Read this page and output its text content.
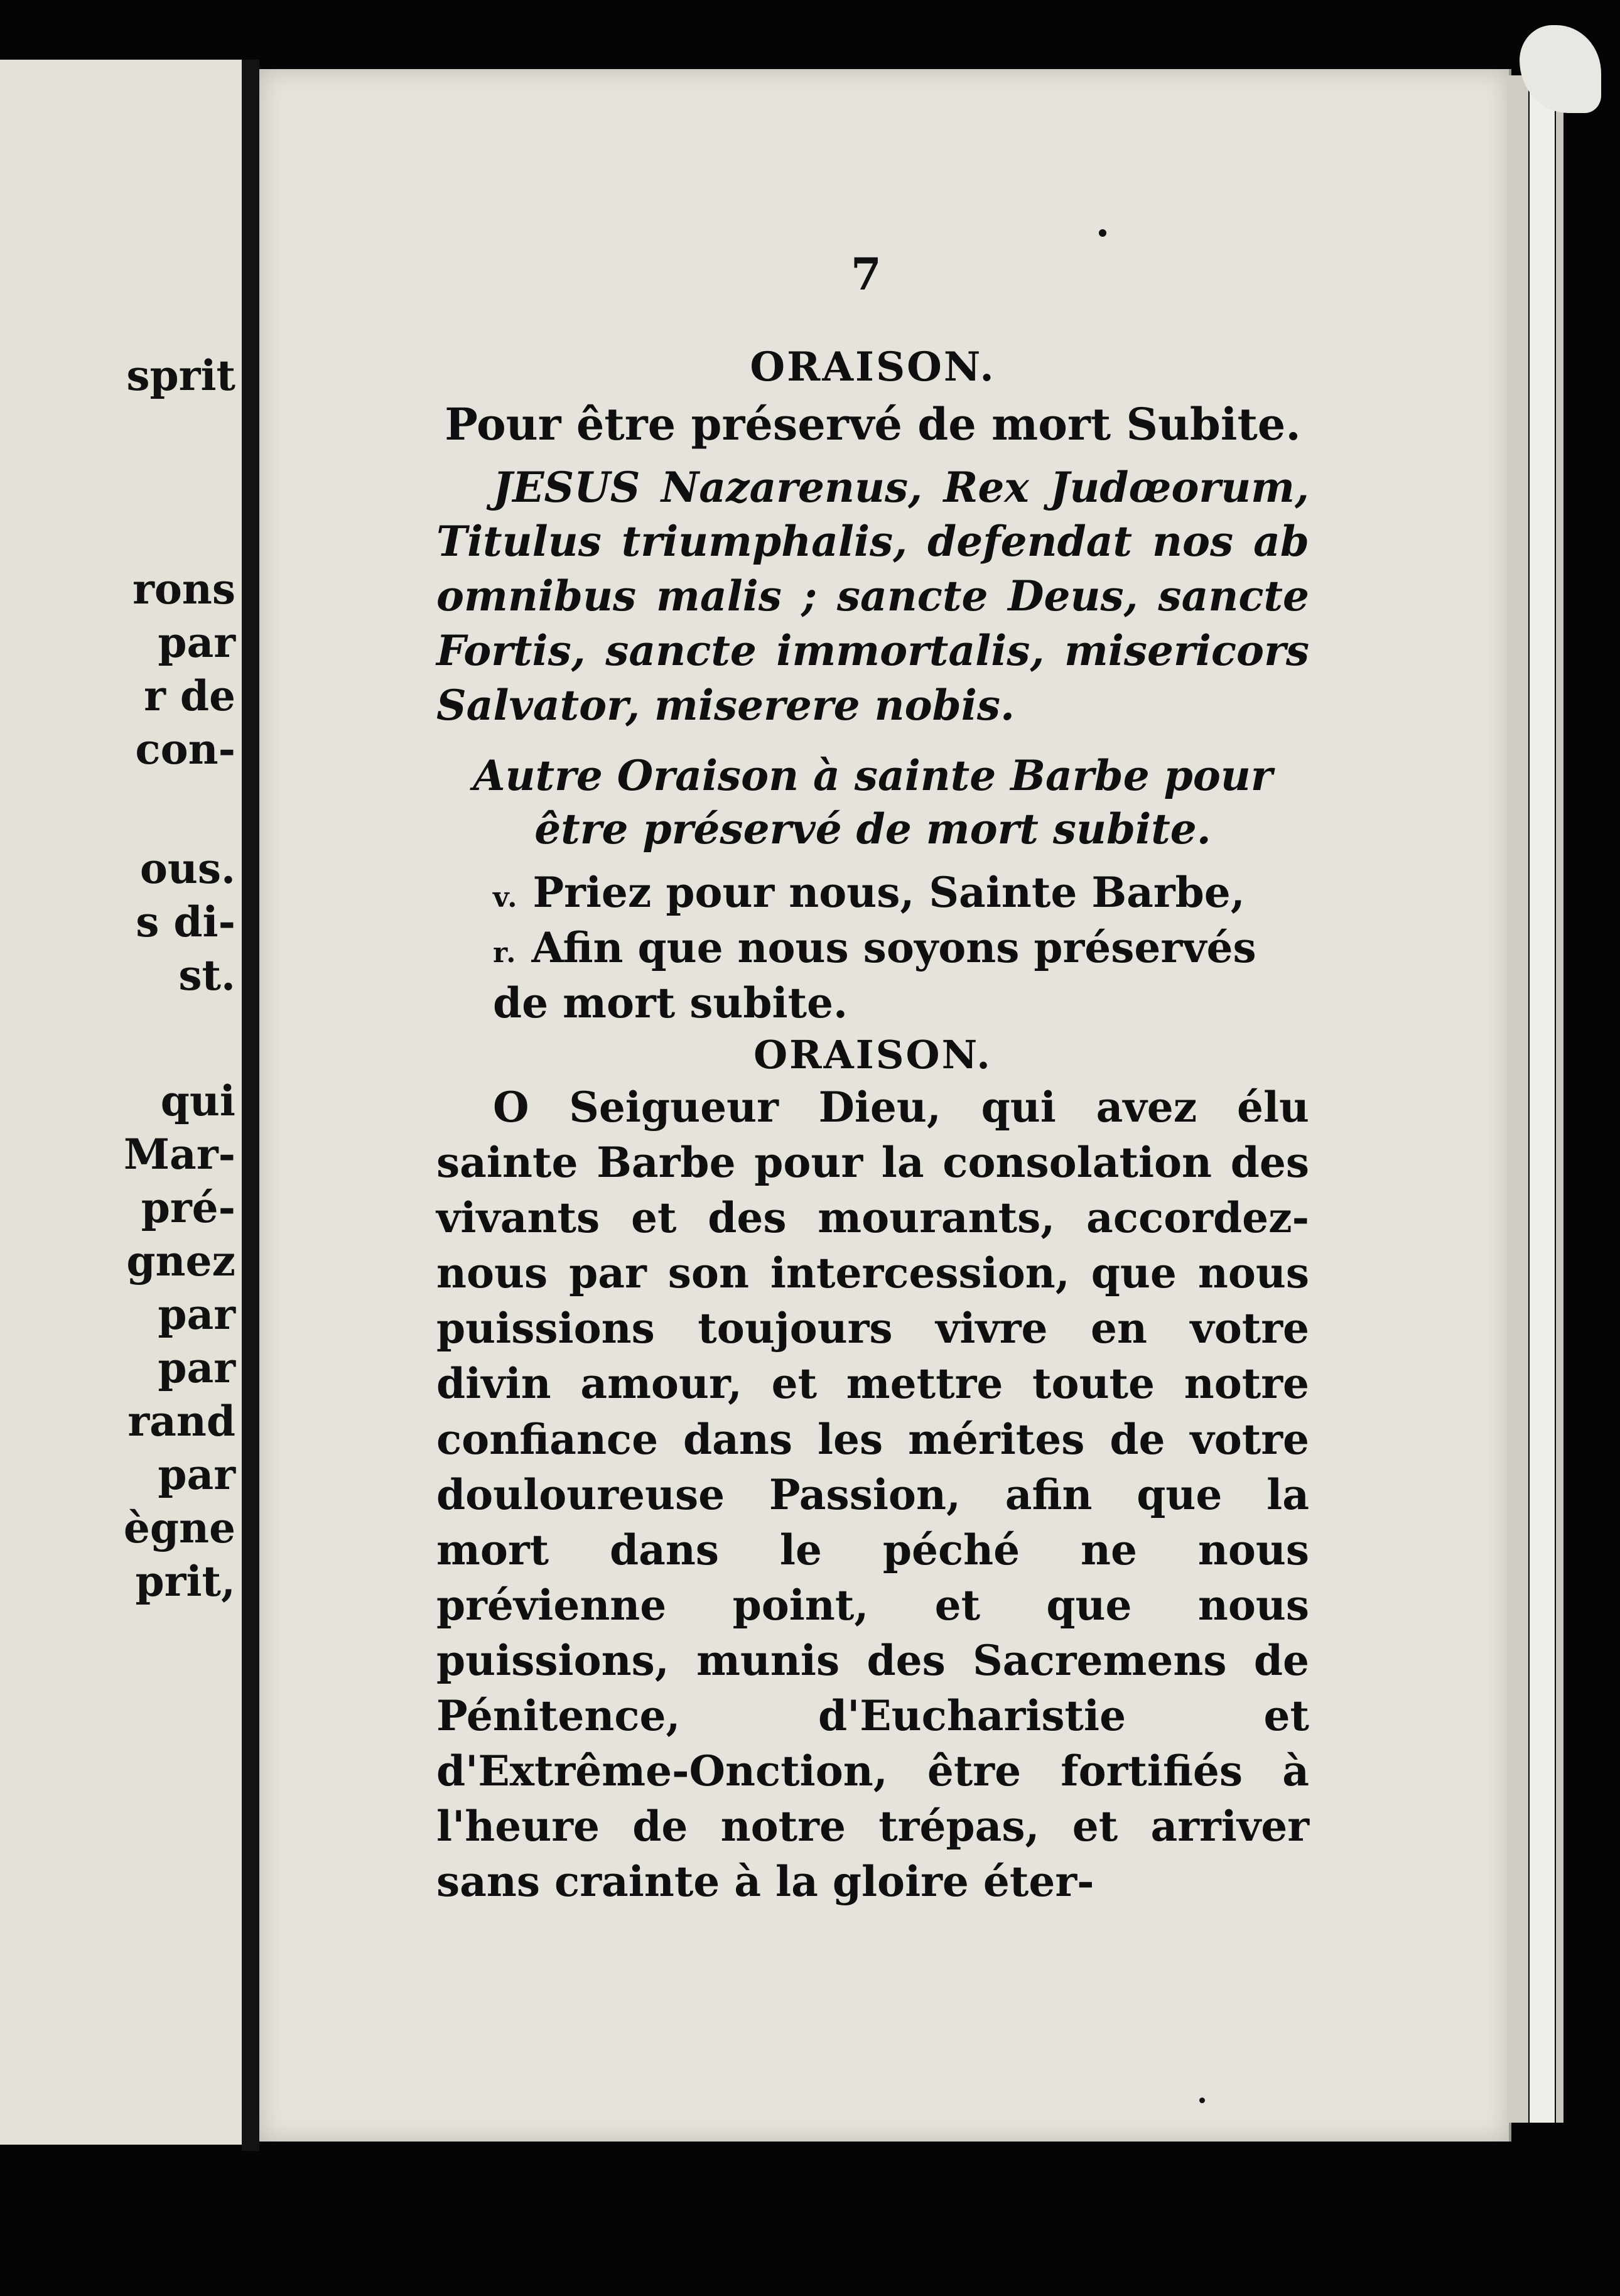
sprit
rons
par
r de
con-
ous.
s di-
st.
qui
Mar-
pré-
gnez
par
par
rand
par
ègne
prit,
7
ORAISON.
Pour être préservé de mort Subite.
JESUS Nazarenus, Rex Judœorum, Titulus triumphalis, defendat nos ab omnibus malis ; sancte Deus, sancte Fortis, sancte immortalis, misericors Salvator, miserere nobis.
Autre Oraison à sainte Barbe pour être préservé de mort subite.
v. Priez pour nous, Sainte Barbe,
r. Afin que nous soyons préservés de mort subite.
ORAISON.
O Seigueur Dieu, qui avez élu sainte Barbe pour la consolation des vivants et des mourants, accordez-nous par son intercession, que nous puissions toujours vivre en votre divin amour, et mettre toute notre confiance dans les mérites de votre douloureuse Passion, afin que la mort dans le péché ne nous prévienne point, et que nous puissions, munis des Sacremens de Pénitence, d'Eucharistie et d'Extrême-Onction, être fortifiés à l'heure de notre trépas, et arriver sans crainte à la gloire éter-
